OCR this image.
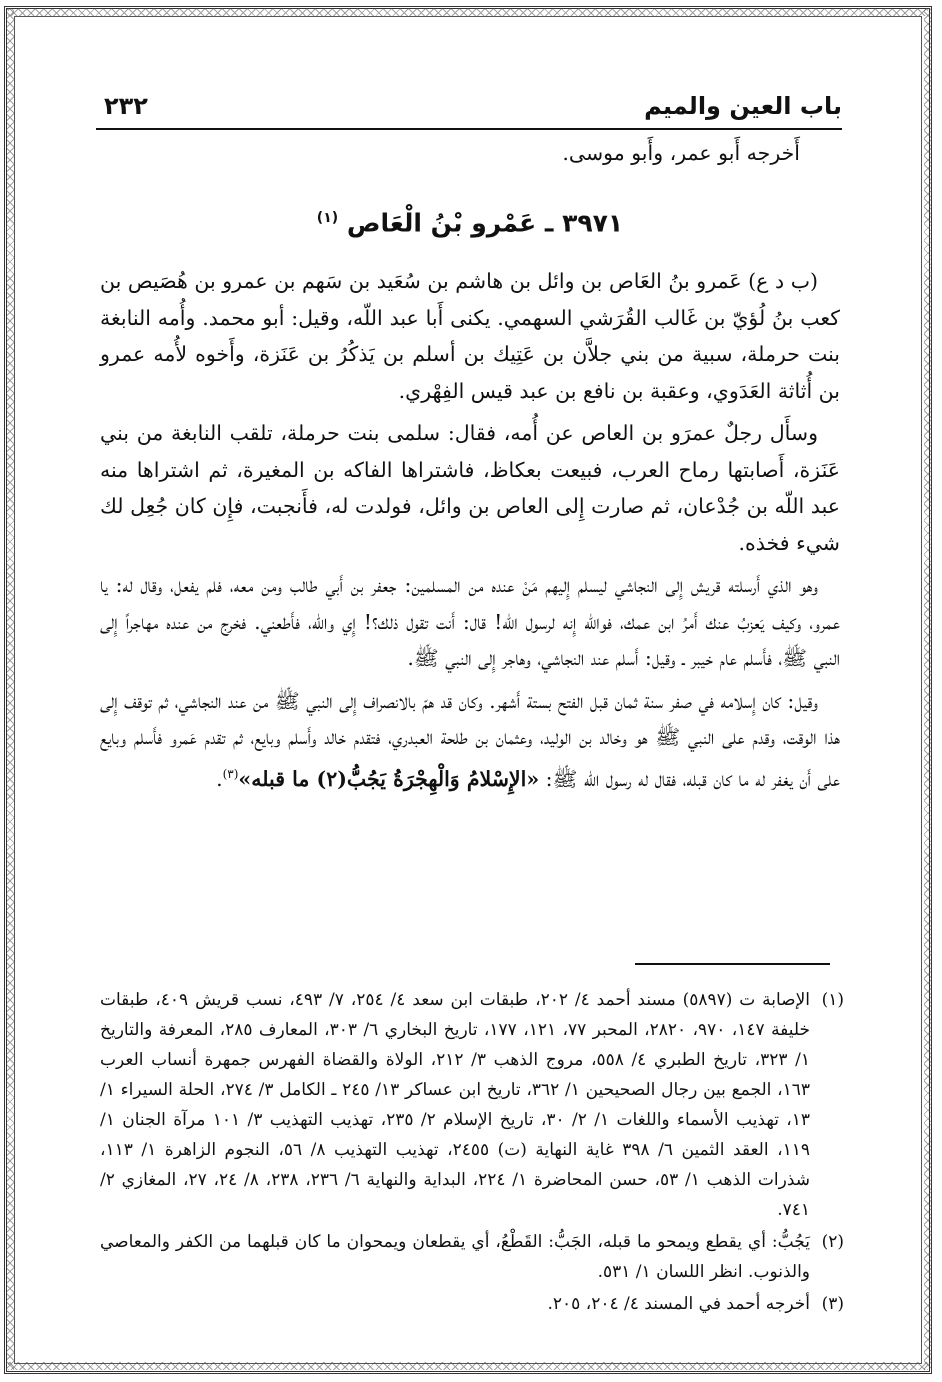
باب العين والميم
٢٣٢

أَخرجه أَبو عمر، وأَبو موسى.

٣٩٧١ ـ عَمْرو بْنُ الْعَاص $^{(١)}$

(ب د ع) عَمرو بنُ العَاص بن وائل بن هاشم بن سُعَيد بن سَهم بن عمرو بن هُصَيص بن كعب بنُ لُؤيّ بن غَالب القُرَشي السهمي. يكنى أَبا عبد اللّه، وقيل: أبو محمد. وأُمه النابغة بنت حرملة، سبية من بني جلاَّن بن عَتِيك بن أسلم بن يَذكُرُ بن عَنَزة، وأَخوه لأُمه عمرو بن أُثاثة العَدَوي، وعقبة بن نافع بن عبد قيس الفِهْري.

وسأَل رجلٌ عمرَو بن العاص عن أُمه، فقال: سلمى بنت حرملة، تلقب النابغة من بني عَنَزة، أَصابتها رماح العرب، فبيعت بعكاظ، فاشتراها الفاكه بن المغيرة، ثم اشتراها منه عبد اللّه بن جُدْعان، ثم صارت إِلى العاص بن وائل، فولدت له، فأَنجبت، فإِن كان جُعِل لك شيء فخذه.

وهو الذي أَرسلته قريش إِلى النجاشي ليسلم إِليهم مَنْ عنده من المسلمين: جعفر بن أَبي طالب ومن معه، فلم يفعل، وقال له: يا عمرو، وكيف يَعزبُ عنك أَمرُ ابن عمك، فوالله إِنه لرسول الله! قال: أَنت تقول ذلك؟! إِي والله، فأَطعني. فخرج من عنده مهاجراً إِلى النبي ﷺ، فأَسلم عام خيبر ـ وقيل: أَسلم عند النجاشي، وهاجر إِلى النبي ﷺ.

وقيل: كان إِسلامه في صفر سنة ثمان قبل الفتح بستة أَشهر. وكان قد همّ بالانصراف إِلى النبي ﷺ من عند النجاشي، ثم توقف إِلى هذا الوقت، وقدم على النبي ﷺ هو وخالد بن الوليد، وعثمان بن طلحة العبدري، فتقدم خالد وأَسلم وبايع، ثم تقدم عَمرو فأَسلم وبايع على أَن يغفر له ما كان قبله، فقال له رسول الله ﷺ: «الإِسْلامُ وَالْهِجْرَةُ يَجُبُّ(٢) ما قبله»$^{(٣)}$.

(١)
الإصابة ت (٥٨٩٧) مسند أحمد ٤/ ٢٠٢، طبقات ابن سعد ٤/ ٢٥٤، ٧/ ٤٩٣، نسب قريش ٤٠٩، طبقات خليفة ١٤٧، ٩٧٠، ٢٨٢٠، المحبر ٧٧، ١٢١، ١٧٧، تاريخ البخاري ٦/ ٣٠٣، المعارف ٢٨٥، المعرفة والتاريخ ١/ ٣٢٣، تاريخ الطبري ٤/ ٥٥٨، مروج الذهب ٣/ ٢١٢، الولاة والقضاة الفهرس جمهرة أنساب العرب ١٦٣، الجمع بين رجال الصحيحين ١/ ٣٦٢، تاريخ ابن عساكر ١٣/ ٢٤٥ ـ الكامل ٣/ ٢٧٤، الحلة السيراء ١/ ١٣، تهذيب الأسماء واللغات ١/ ٢/ ٣٠، تاريخ الإسلام ٢/ ٢٣٥، تهذيب التهذيب ٣/ ١٠١ مرآة الجنان ١/ ١١٩، العقد الثمين ٦/ ٣٩٨ غاية النهاية (ت) ٢٤٥٥، تهذيب التهذيب ٨/ ٥٦، النجوم الزاهرة ١/ ١١٣، شذرات الذهب ١/ ٥٣، حسن المحاضرة ١/ ٢٢٤، البداية والنهاية ٦/ ٢٣٦، ٢٣٨، ٨/ ٢٤، ٢٧، المغازي ٢/ ٧٤١.

(٢)
يَجُبُّ: أي يقطع ويمحو ما قبله، الجَبُّ: القَطْعُ، أي يقطعان ويمحوان ما كان قبلهما من الكفر والمعاصي والذنوب. انظر اللسان ١/ ٥٣١.

(٣)
أخرجه أحمد في المسند ٤/ ٢٠٤، ٢٠٥.
